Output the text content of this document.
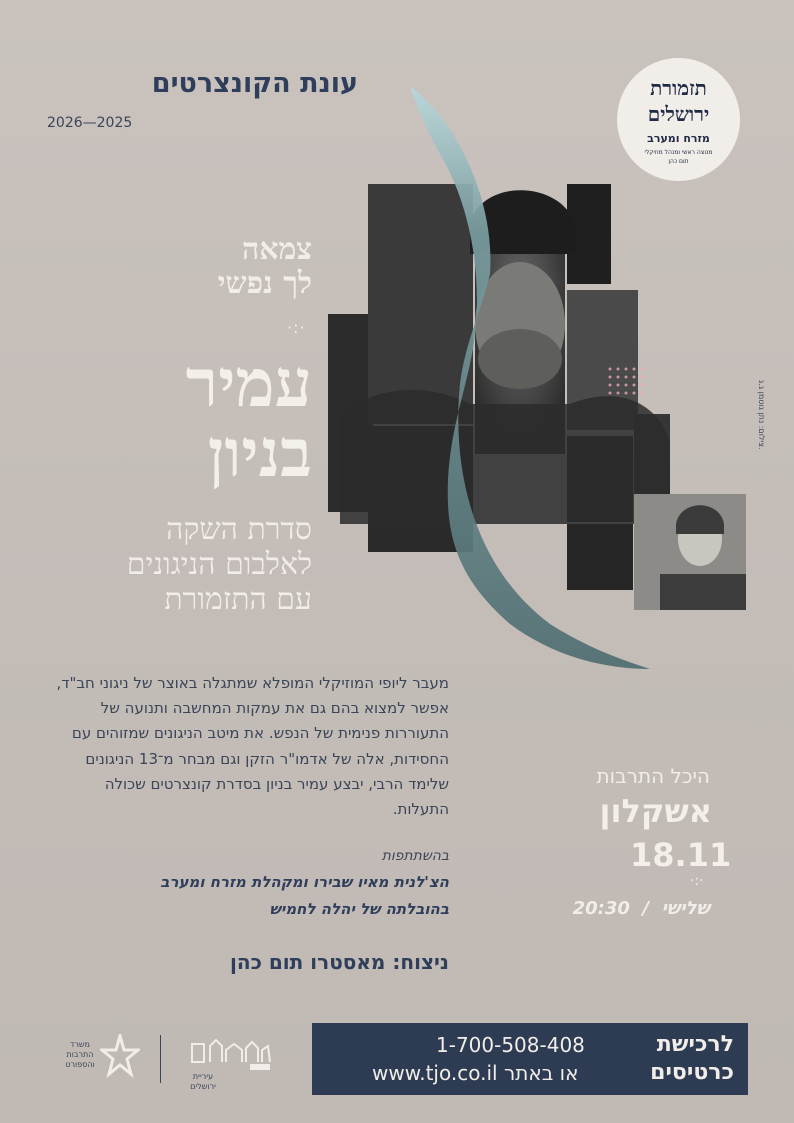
עונת הקונצרטים
2026—2025
תזמורת
ירושלים
מזרח ומערב
מנוצה ראשי ומנהל מוזיקלי
תום כהן
צילום: נתן גוטמן ג.ג.
צמאה
לך נפשי
·:·
עמיר
בניון
סדרת השקה
לאלבום הניגונים
עם התזמורת
מעבר ליופי המוזיקלי המופלא שמתגלה באוצר של ניגוני חב"ד, אפשר למצוא בהם גם את עמקות המחשבה ותנועה של התעוררות פנימית של הנפש. את מיטב הניגונים שמזוהים עם החסידות, אלה של אדמו"ר הזקן וגם מבחר מ־13 הניגונים שלימד הרבי, יבצע עמיר בניון בסדרת קונצרטים שכולה התעלות.
בהשתתפות
הצ'לנית מאיו שבירו ומקהלת מזרח ומערב
בהובלתה של יהלה לחמיש
ניצוח: מאסטרו תום כהן
היכל התרבות
אשקלון
18.11
·:·
שלישי  /  20:30
לרכישת
כרטיסים
1-700-508-408
או באתר www.tjo.co.il
משרד
התרבות
והספורט
עיריית
ירושלים
